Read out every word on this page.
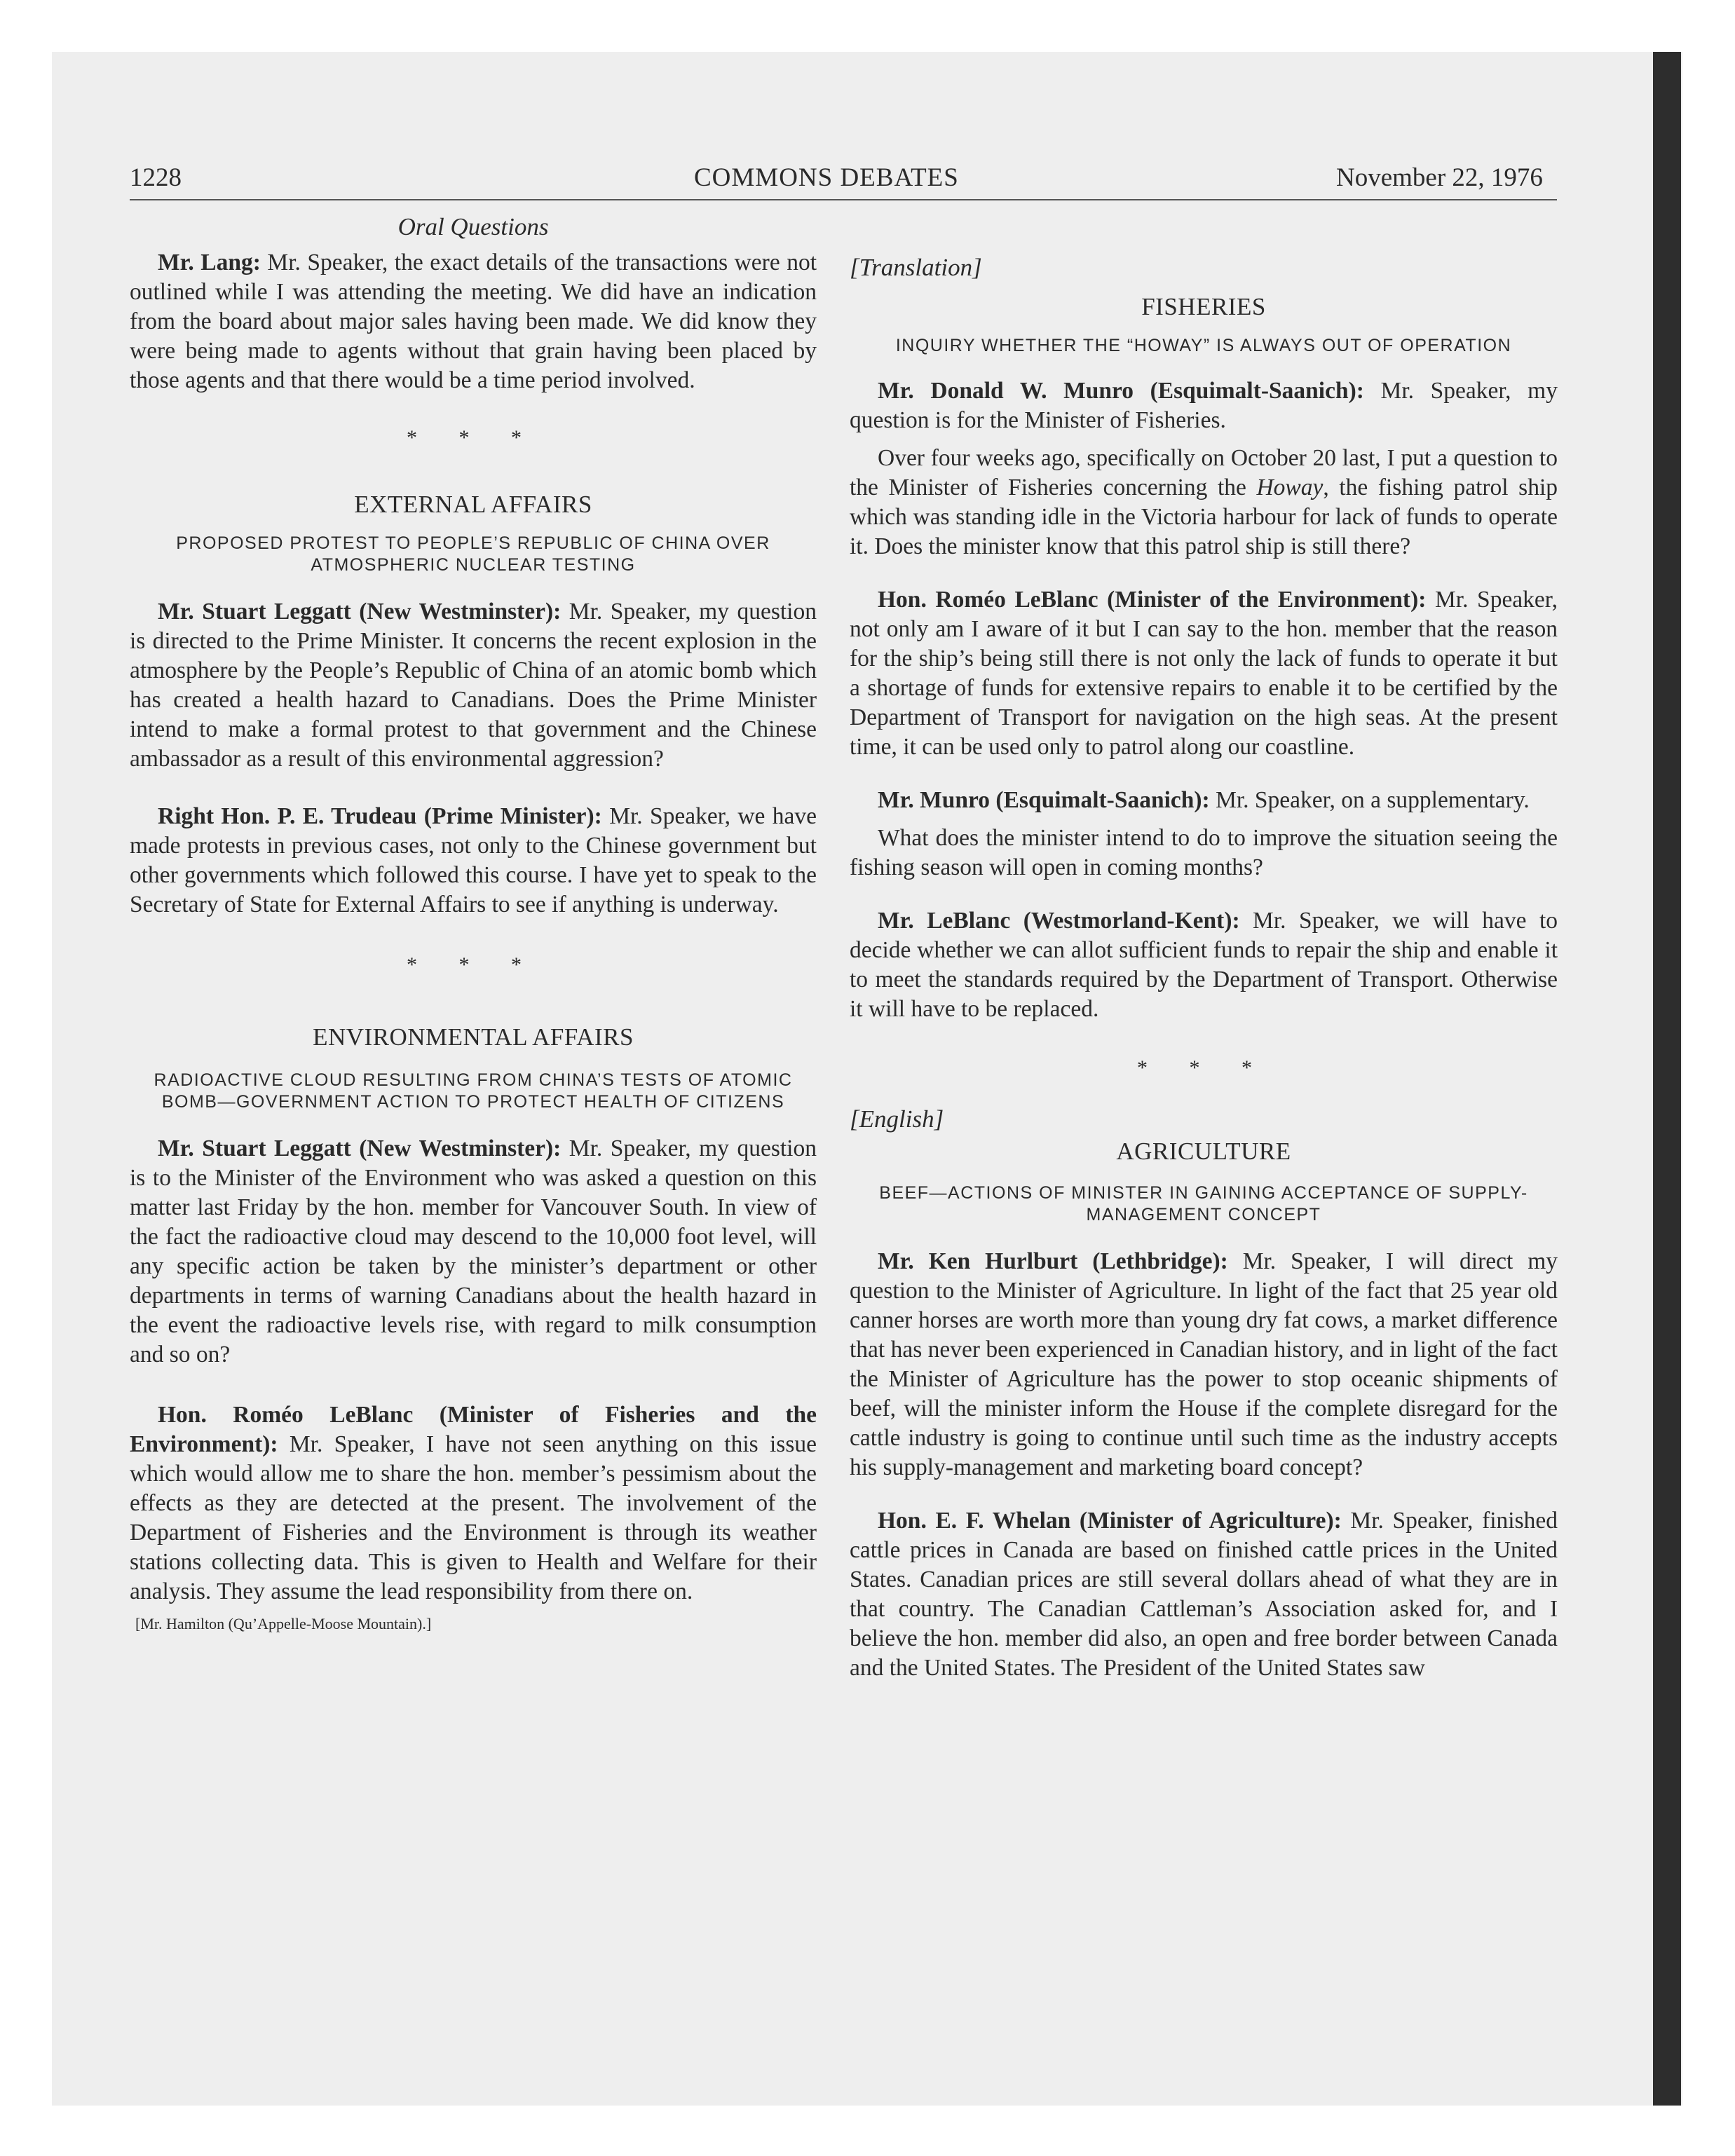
1228	COMMONS DEBATES	November 22, 1976
Oral Questions

Mr. Lang: Mr. Speaker, the exact details of the transactions were not outlined while I was attending the meeting. We did have an indication from the board about major sales having been made. We did know they were being made to agents without that grain having been placed by those agents and that there would be a time period involved.

* * *
EXTERNAL AFFAIRS
PROPOSED PROTEST TO PEOPLE’S REPUBLIC OF CHINA OVER ATMOSPHERIC NUCLEAR TESTING

Mr. Stuart Leggatt (New Westminster): Mr. Speaker, my question is directed to the Prime Minister. It concerns the recent explosion in the atmosphere by the People’s Republic of China of an atomic bomb which has created a health hazard to Canadians. Does the Prime Minister intend to make a formal protest to that government and the Chinese ambassador as a result of this environmental aggression?

Right Hon. P. E. Trudeau (Prime Minister): Mr. Speaker, we have made protests in previous cases, not only to the Chinese government but other governments which followed this course. I have yet to speak to the Secretary of State for External Affairs to see if anything is underway.

* * *
ENVIRONMENTAL AFFAIRS
RADIOACTIVE CLOUD RESULTING FROM CHINA’S TESTS OF ATOMIC BOMB—GOVERNMENT ACTION TO PROTECT HEALTH OF CITIZENS

Mr. Stuart Leggatt (New Westminster): Mr. Speaker, my question is to the Minister of the Environment who was asked a question on this matter last Friday by the hon. member for Vancouver South. In view of the fact the radioactive cloud may descend to the 10,000 foot level, will any specific action be taken by the minister’s department or other departments in terms of warning Canadians about the health hazard in the event the radioactive levels rise, with regard to milk consumption and so on?

Hon. Roméo LeBlanc (Minister of Fisheries and the Environment): Mr. Speaker, I have not seen anything on this issue which would allow me to share the hon. member’s pessimism about the effects as they are detected at the present. The involvement of the Department of Fisheries and the Environment is through its weather stations collecting data. This is given to Health and Welfare for their analysis. They assume the lead responsibility from there on.

[Mr. Hamilton (Qu’Appelle-Moose Mountain).]

[Translation]

FISHERIES
INQUIRY WHETHER THE “HOWAY” IS ALWAYS OUT OF OPERATION

Mr. Donald W. Munro (Esquimalt-Saanich): Mr. Speaker, my question is for the Minister of Fisheries.

Over four weeks ago, specifically on October 20 last, I put a question to the Minister of Fisheries concerning the Howay, the fishing patrol ship which was standing idle in the Victoria harbour for lack of funds to operate it. Does the minister know that this patrol ship is still there?

Hon. Roméo LeBlanc (Minister of the Environment): Mr. Speaker, not only am I aware of it but I can say to the hon. member that the reason for the ship’s being still there is not only the lack of funds to operate it but a shortage of funds for extensive repairs to enable it to be certified by the Department of Transport for navigation on the high seas. At the present time, it can be used only to patrol along our coastline.

Mr. Munro (Esquimalt-Saanich): Mr. Speaker, on a supplementary.

What does the minister intend to do to improve the situation seeing the fishing season will open in coming months?

Mr. LeBlanc (Westmorland-Kent): Mr. Speaker, we will have to decide whether we can allot sufficient funds to repair the ship and enable it to meet the standards required by the Department of Transport. Otherwise it will have to be replaced.

* * *

[English]

AGRICULTURE
BEEF—ACTIONS OF MINISTER IN GAINING ACCEPTANCE OF SUPPLY-MANAGEMENT CONCEPT

Mr. Ken Hurlburt (Lethbridge): Mr. Speaker, I will direct my question to the Minister of Agriculture. In light of the fact that 25 year old canner horses are worth more than young dry fat cows, a market difference that has never been experienced in Canadian history, and in light of the fact the Minister of Agriculture has the power to stop oceanic shipments of beef, will the minister inform the House if the complete disregard for the cattle industry is going to continue until such time as the industry accepts his supply-management and marketing board concept?

Hon. E. F. Whelan (Minister of Agriculture): Mr. Speaker, finished cattle prices in Canada are based on finished cattle prices in the United States. Canadian prices are still several dollars ahead of what they are in that country. The Canadian Cattleman’s Association asked for, and I believe the hon. member did also, an open and free border between Canada and the United States. The President of the United States saw
